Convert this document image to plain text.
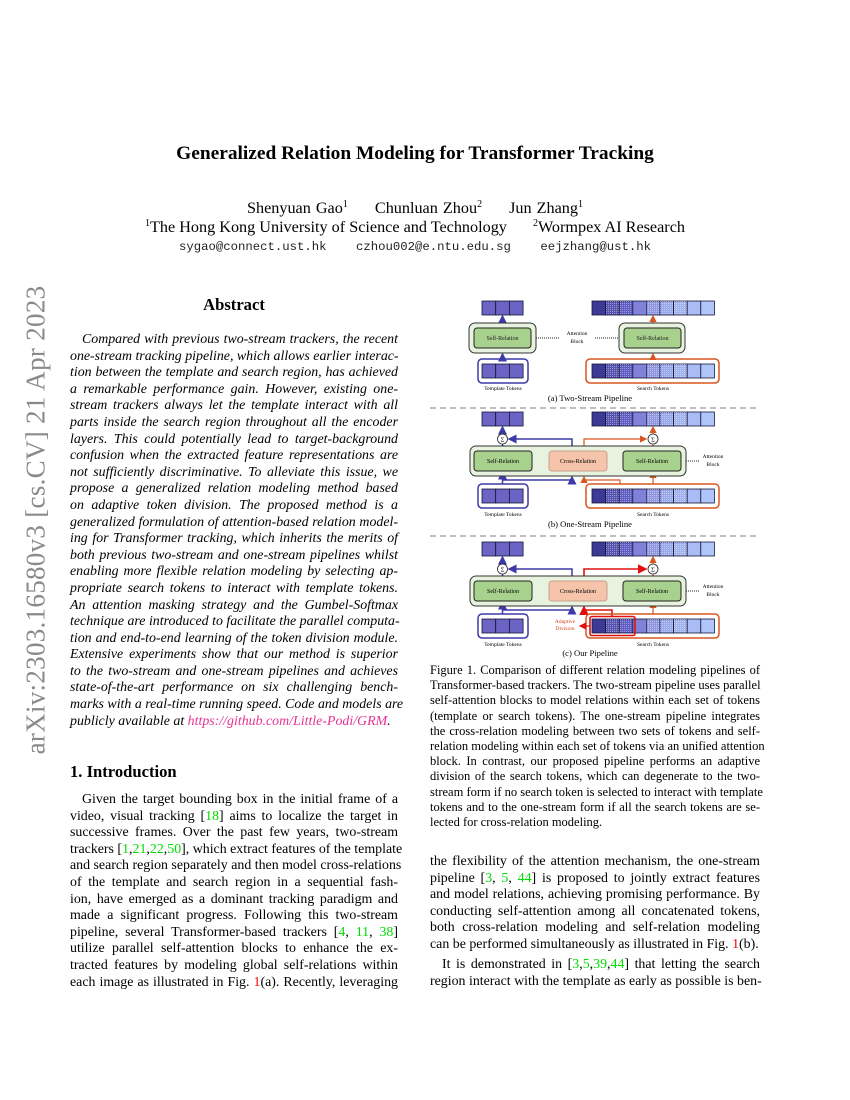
arXiv:2303.16580v3 [cs.CV] 21 Apr 2023
Generalized Relation Modeling for Transformer Tracking
Shenyuan Gao$^1$ Chunluan Zhou$^2$ Jun Zhang$^1$
$^1$The Hong Kong University of Science and Technology	$^2$Wormpex AI Research
sygao@connect.ust.hk czhou002@e.ntu.edu.sg eejzhang@ust.hk
Abstract
Compared with previous two-stream trackers, the recent
one-stream tracking pipeline, which allows earlier interac-
tion between the template and search region, has achieved
a remarkable performance gain. However, existing one-
stream trackers always let the template interact with all
parts inside the search region throughout all the encoder
layers. This could potentially lead to target-background
confusion when the extracted feature representations are
not sufficiently discriminative. To alleviate this issue, we
propose a generalized relation modeling method based
on adaptive token division. The proposed method is a
generalized formulation of attention-based relation model-
ing for Transformer tracking, which inherits the merits of
both previous two-stream and one-stream pipelines whilst
enabling more flexible relation modeling by selecting ap-
propriate search tokens to interact with template tokens.
An attention masking strategy and the Gumbel-Softmax
technique are introduced to facilitate the parallel computa-
tion and end-to-end learning of the token division module.
Extensive experiments show that our method is superior
to the two-stream and one-stream pipelines and achieves
state-of-the-art performance on six challenging bench-
marks with a real-time running speed. Code and models are
publicly available at https://github.com/Little-Podi/GRM.
1. Introduction
Given the target bounding box in the initial frame of a
video, visual tracking [18] aims to localize the target in
successive frames. Over the past few years, two-stream
trackers [1,21,22,50], which extract features of the template
and search region separately and then model cross-relations
of the template and search region in a sequential fash-
ion, have emerged as a dominant tracking paradigm and
made a significant progress. Following this two-stream
pipeline, several Transformer-based trackers [4, 11, 38]
utilize parallel self-attention blocks to enhance the ex-
tracted features by modeling global self-relations within
each image as illustrated in Fig. 1(a). Recently, leveraging
Self-Relation	Self-Relation
Attention
Block
Template Tokens	Search Tokens
(a) Two-Stream Pipeline
Self-Relation	Cross-Relation	Self-Relation
Σ	Σ
Attention
Block
Template Tokens	Search Tokens
(b) One-Stream Pipeline
Self-Relation	Cross-Relation	Self-Relation
Σ	Σ
Attention
Block
Adaptive
Division
Template Tokens	Search Tokens
(c) Our Pipeline
Figure 1. Comparison of different relation modeling pipelines of
Transformer-based trackers. The two-stream pipeline uses parallel
self-attention blocks to model relations within each set of tokens
(template or search tokens). The one-stream pipeline integrates
the cross-relation modeling between two sets of tokens and self-
relation modeling within each set of tokens via an unified attention
block. In contrast, our proposed pipeline performs an adaptive
division of the search tokens, which can degenerate to the two-
stream form if no search token is selected to interact with template
tokens and to the one-stream form if all the search tokens are se-
lected for cross-relation modeling.
the flexibility of the attention mechanism, the one-stream
pipeline [3, 5, 44] is proposed to jointly extract features
and model relations, achieving promising performance. By
conducting self-attention among all concatenated tokens,
both cross-relation modeling and self-relation modeling
can be performed simultaneously as illustrated in Fig. 1(b).
It is demonstrated in [3,5,39,44] that letting the search
region interact with the template as early as possible is ben-
